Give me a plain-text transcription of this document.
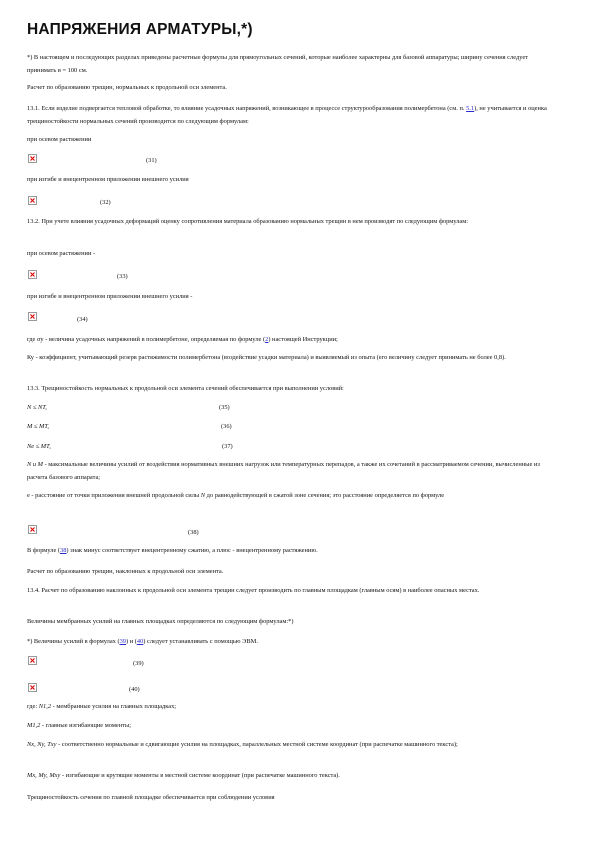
НАПРЯЖЕНИЯ АРМАТУРЫ,*)

*) В настоящем и последующих разделах приведены расчетные формулы для прямоугольных сечений, которые наиболее характерны для базовой аппаратуры; ширину сечения следует принимать в = 100 см.

Расчет по образованию трещин, нормальных к продольной оси элемента.

13.1. Если изделие подвергается тепловой обработке, то влияние усадочных напряжений, возникающее в процессе структурообразования полимербетона (см. п. 5.1), не учитывается и оценка трещиностойкости нормальных сечений производится по следующим формулам:

при осевом растяжении

(31)

при изгибе и внецентренном приложении внешнего усилия

(32)

13.2. При учете влияния усадочных деформаций оценку сопротивления материала образованию нормальных трещин в нем производят по следующим формулам:

при осевом растяжении -

(33)

при изгибе и внецентренном приложении внешнего усилия -

(34)

где σу - величина усадочных напряжений в полимербетоне, определяемая по формуле (2) настоящей Инструкции;

Ку - коэффициент, учитывающий резерв растяжимости полимербетона (воздействие усадки материала) и выявляемый из опыта (его величину следует принимать не более 0,8).

13.3. Трещиностойкость нормальных к продольной оси элемента сечений обеспечивается при выполнении условий:

N ≤ NT,	(35)
M ≤ MT,	(36)
Ne ≤ MT,	(37)

N и M - максимальные величины усилий от воздействия нормативных внешних нагрузок или температурных перепадов, а также их сочетаний в рассматриваемом сечении, вычисленные из расчета базового аппарата;

e - расстояние от точки приложения внешней продольной силы N до равнодействующей в сжатой зоне сечения; это расстояние определяется по формуле

(38)

В формуле (38) знак минус соответствует внецентренному сжатию, а плюс - внецентренному растяжению.

Расчет по образованию трещин, наклонных к продольной оси элемента.

13.4. Расчет по образованию наклонных к продольной оси элемента трещин следует производить по главным площадкам (главным осям) в наиболее опасных местах.

Величины мембранных усилий на главных площадках определяются по следующим формулам:*)

*) Величины усилий в формулах (39) и (40) следует устанавливать с помощью ЭВМ.

(39)
(40)

где: N1,2 - мембранные усилия на главных площадках;

M1,2 - главные изгибающие моменты;

Nx, Ny, Txy - соответственно нормальные и сдвигающие усилия на площадках, параллельных местной системе координат (при распечатке машинного текста);

Mx, My, Mxy - изгибающие и крутящие моменты в местной системе координат (при распечатке машинного текста).

Трещиностойкость сечения по главной площадке обеспечивается при соблюдении условия
